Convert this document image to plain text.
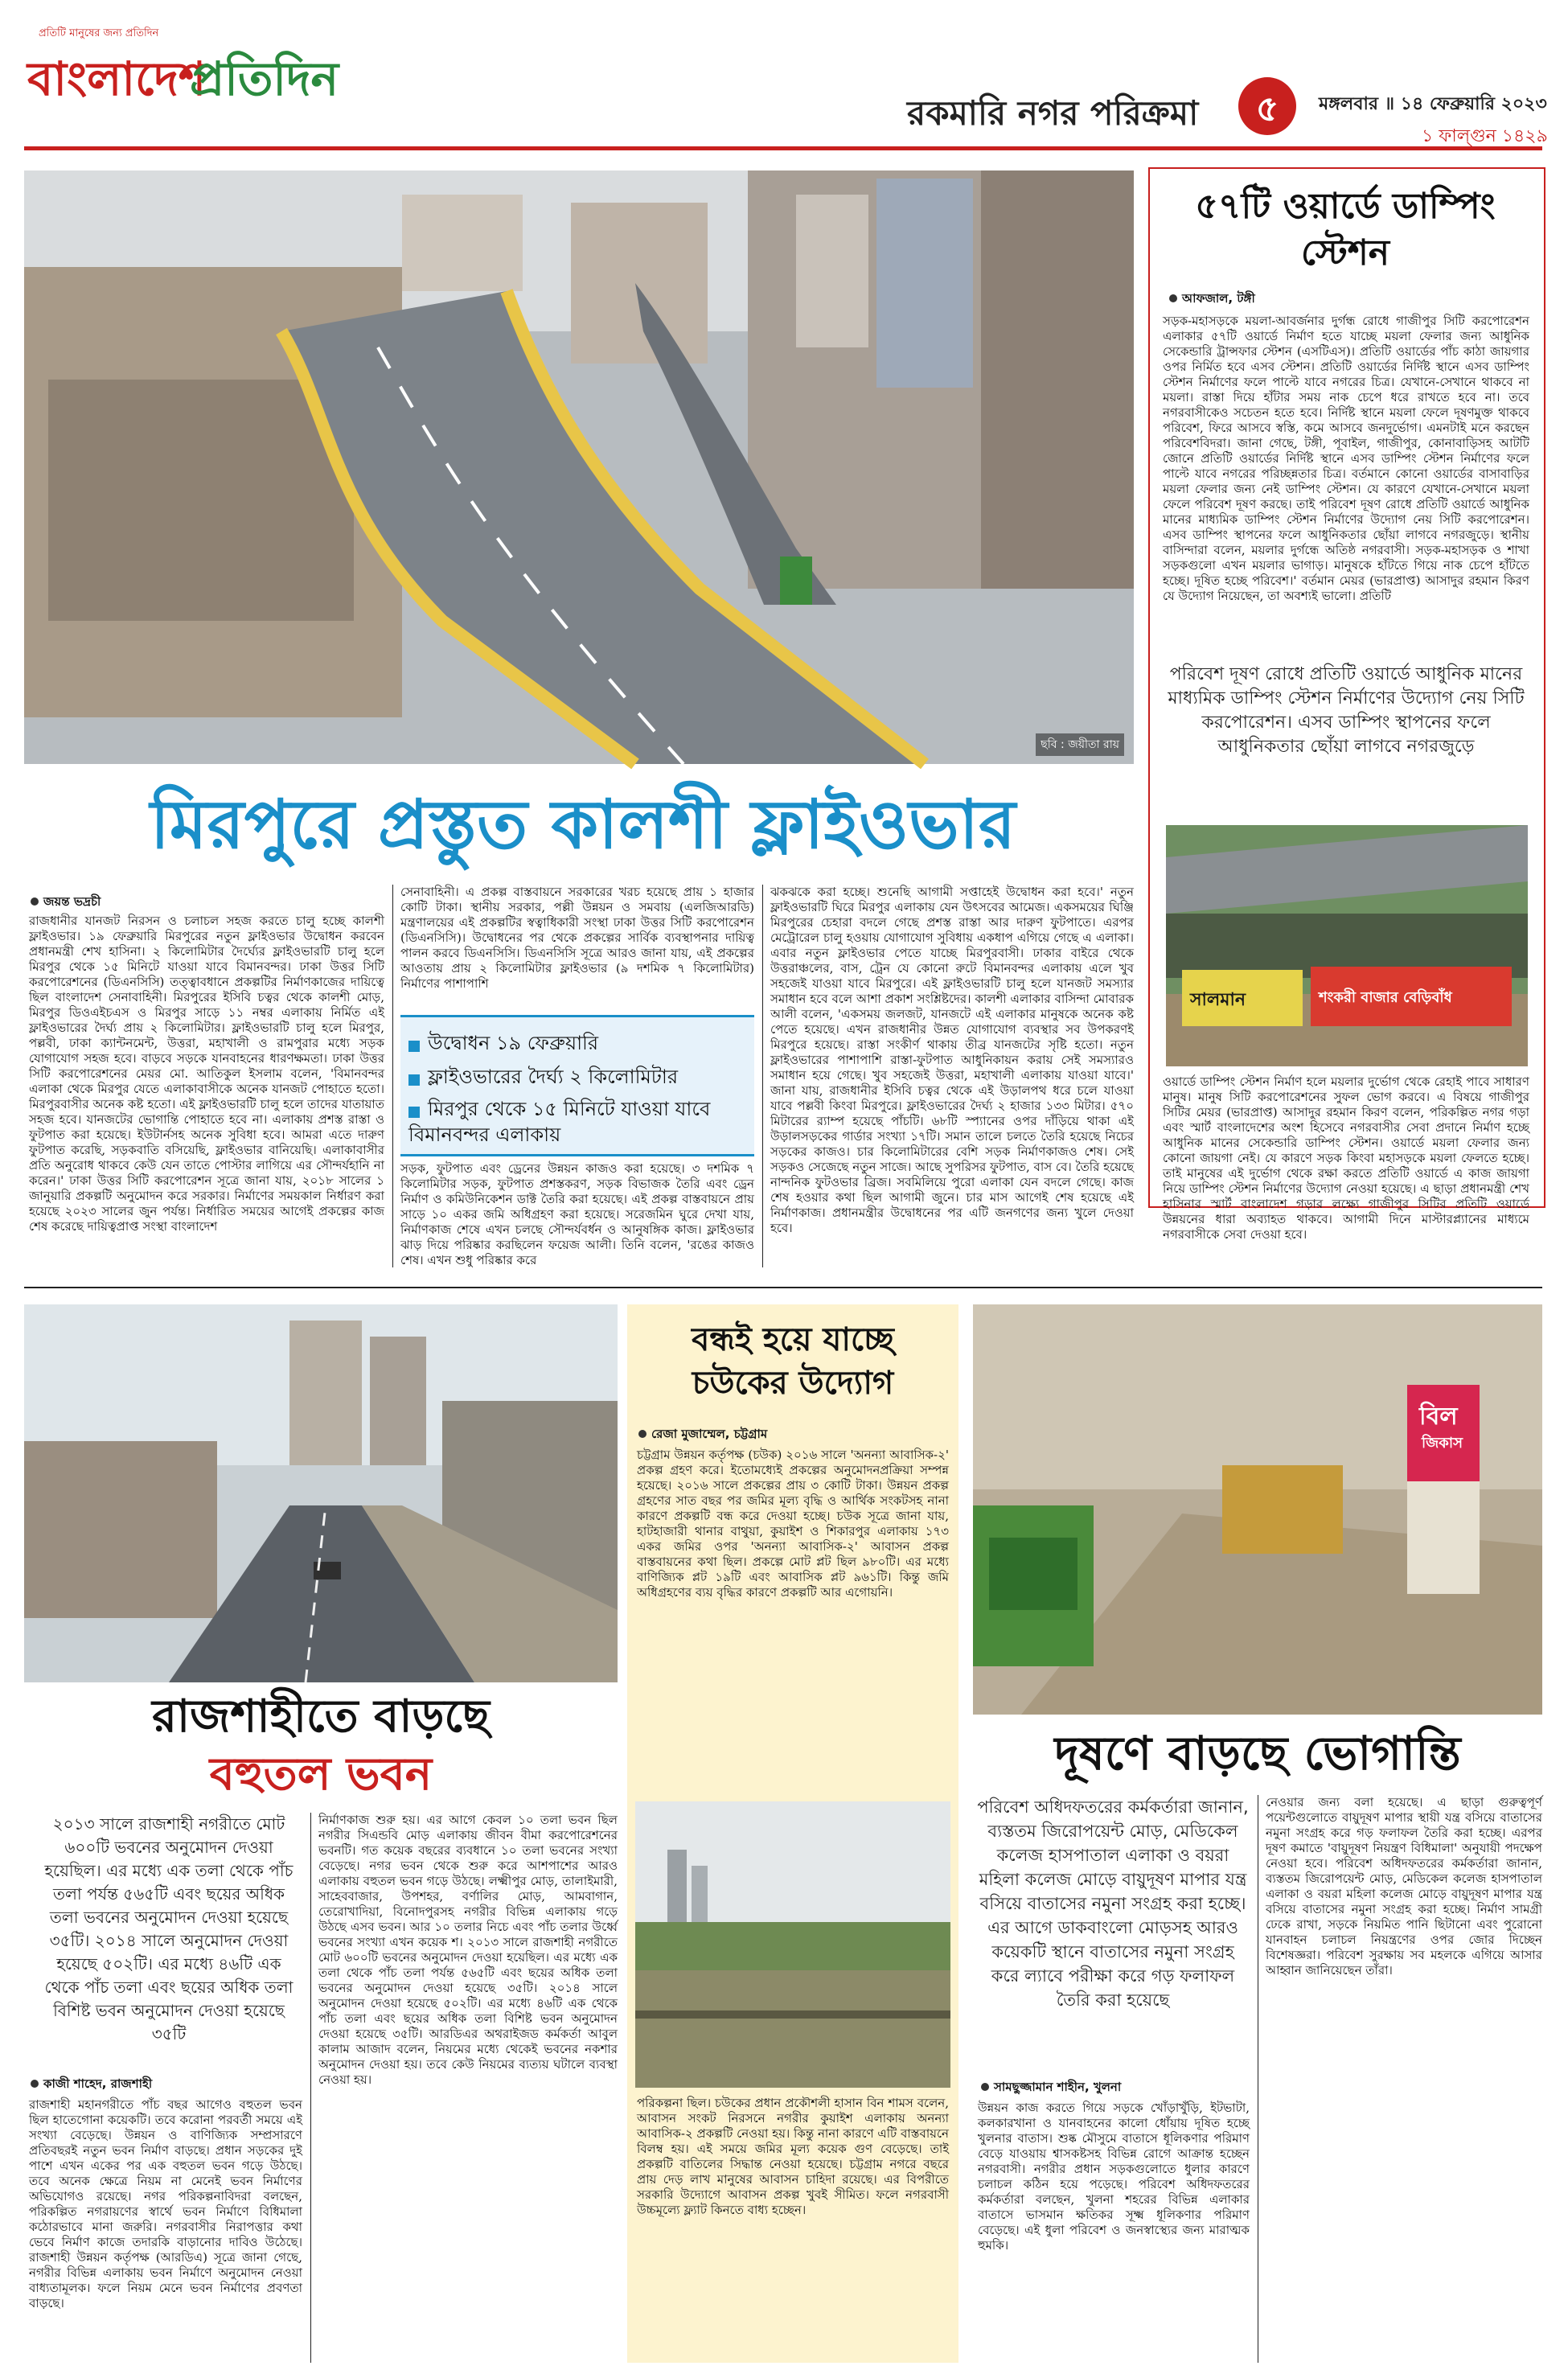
প্রতিটি মানুষের জন্য প্রতিদিন
বাংলাদেশ
প্রতিদিন
রকমারি নগর পরিক্রমা	৫	মঙ্গলবার ॥ ১৪ ফেব্রুয়ারি ২০২৩
১ ফাল্গুন ১৪২৯
ছবি : জয়ীতা রায়
৫৭টি ওয়ার্ডে ডাম্পিং স্টেশন
আফজাল, টঙ্গী
সড়ক-মহাসড়কে ময়লা-আবর্জনার দুর্গন্ধ রোধে গাজীপুর সিটি করপোরেশন এলাকার ৫৭টি ওয়ার্ডে নির্মাণ হতে যাচ্ছে ময়লা ফেলার জন্য আধুনিক সেকেন্ডারি ট্রান্সফার স্টেশন (এসটিএস)। প্রতিটি ওয়ার্ডের পাঁচ কাঠা জায়গার ওপর নির্মিত হবে এসব স্টেশন। প্রতিটি ওয়ার্ডের নির্দিষ্ট স্থানে এসব ডাম্পিং স্টেশন নির্মাণের ফলে পাল্টে যাবে নগরের চিত্র। যেখানে-সেখানে থাকবে না ময়লা। রাস্তা দিয়ে হাঁটার সময় নাক চেপে ধরে রাখতে হবে না। তবে নগরবাসীকেও সচেতন হতে হবে। নির্দিষ্ট স্থানে ময়লা ফেলে দূষণমুক্ত থাকবে পরিবেশ, ফিরে আসবে স্বস্তি, কমে আসবে জনদুর্ভোগ। এমনটাই মনে করছেন পরিবেশবিদরা। জানা গেছে, টঙ্গী, পূবাইল, গাজীপুর, কোনাবাড়িসহ আটটি জোনে প্রতিটি ওয়ার্ডের নির্দিষ্ট স্থানে এসব ডাম্পিং স্টেশন নির্মাণের ফলে পাল্টে যাবে নগরের পরিচ্ছন্নতার চিত্র। বর্তমানে কোনো ওয়ার্ডের বাসাবাড়ির ময়লা ফেলার জন্য নেই ডাম্পিং স্টেশন। যে কারণে যেখানে-সেখানে ময়লা ফেলে পরিবেশ দূষণ করছে। তাই পরিবেশ দূষণ রোধে প্রতিটি ওয়ার্ডে আধুনিক মানের মাধ্যমিক ডাম্পিং স্টেশন নির্মাণের উদ্যোগ নেয় সিটি করপোরেশন। এসব ডাম্পিং স্থাপনের ফলে আধুনিকতার ছোঁয়া লাগবে নগরজুড়ে। স্থানীয় বাসিন্দারা বলেন, ময়লার দুর্গন্ধে অতিষ্ঠ নগরবাসী। সড়ক-মহাসড়ক ও শাখা সড়কগুলো এখন ময়লার ভাগাড়। মানুষকে হাঁটতে গিয়ে নাক চেপে হাঁটতে হচ্ছে। দূষিত হচ্ছে পরিবেশ।' বর্তমান মেয়র (ভারপ্রাপ্ত) আসাদুর রহমান কিরণ যে উদ্যোগ নিয়েছেন, তা অবশ্যই ভালো। প্রতিটি
পরিবেশ দূষণ রোধে প্রতিটি ওয়ার্ডে আধুনিক মানের মাধ্যমিক ডাম্পিং স্টেশন নির্মাণের উদ্যোগ নেয় সিটি করপোরেশন। এসব ডাম্পিং স্থাপনের ফলে আধুনিকতার ছোঁয়া লাগবে নগরজুড়ে
সালমান	শংকরী বাজার বেড়িবাঁধ
ওয়ার্ডে ডাম্পিং স্টেশন নির্মাণ হলে ময়লার দুর্ভোগ থেকে রেহাই পাবে সাধারণ মানুষ। মানুষ সিটি করপোরেশনের সুফল ভোগ করবে। এ বিষয়ে গাজীপুর সিটির মেয়র (ভারপ্রাপ্ত) আসাদুর রহমান কিরণ বলেন, পরিকল্পিত নগর গড়া এবং স্মার্ট বাংলাদেশের অংশ হিসেবে নগরবাসীর সেবা প্রদানে নির্মাণ হচ্ছে আধুনিক মানের সেকেন্ডারি ডাম্পিং স্টেশন। ওয়ার্ডে ময়লা ফেলার জন্য কোনো জায়গা নেই। যে কারণে সড়ক কিংবা মহাসড়কে ময়লা ফেলতে হচ্ছে। তাই মানুষের এই দুর্ভোগ থেকে রক্ষা করতে প্রতিটি ওয়ার্ডে এ কাজ জায়গা নিয়ে ডাম্পিং স্টেশন নির্মাণের উদ্যোগ নেওয়া হয়েছে। এ ছাড়া প্রধানমন্ত্রী শেখ হাসিনার স্মার্ট বাংলাদেশ গড়ার লক্ষ্যে গাজীপুর সিটির প্রতিটি ওয়ার্ডে উন্নয়নের ধারা অব্যাহত থাকবে। আগামী দিনে মাস্টারপ্ল্যানের মাধ্যমে নগরবাসীকে সেবা দেওয়া হবে।
মিরপুরে প্রস্তুত কালশী ফ্লাইওভার
জয়ন্ত ভদ্রচী
রাজধানীর যানজট নিরসন ও চলাচল সহজ করতে চালু হচ্ছে কালশী ফ্লাইওভার। ১৯ ফেব্রুয়ারি মিরপুরের নতুন ফ্লাইওভার উদ্বোধন করবেন প্রধানমন্ত্রী শেখ হাসিনা। ২ কিলোমিটার দৈর্ঘ্যের ফ্লাইওভারটি চালু হলে মিরপুর থেকে ১৫ মিনিটে যাওয়া যাবে বিমানবন্দর। ঢাকা উত্তর সিটি করপোরেশনের (ডিএনসিসি) তত্ত্বাবধানে প্রকল্পটির নির্মাণকাজের দায়িত্বে ছিল বাংলাদেশ সেনাবাহিনী। মিরপুরের ইসিবি চত্বর থেকে কালশী মোড়, মিরপুর ডিওএইচএস ও মিরপুর সাড়ে ১১ নম্বর এলাকায় নির্মিত এই ফ্লাইওভারের দৈর্ঘ্য প্রায় ২ কিলোমিটার। ফ্লাইওভারটি চালু হলে মিরপুর, পল্লবী, ঢাকা ক্যান্টনমেন্ট, উত্তরা, মহাখালী ও রামপুরার মধ্যে সড়ক যোগাযোগ সহজ হবে। বাড়বে সড়কে যানবাহনের ধারণক্ষমতা। ঢাকা উত্তর সিটি করপোরেশনের মেয়র মো. আতিকুল ইসলাম বলেন, 'বিমানবন্দর এলাকা থেকে মিরপুর যেতে এলাকাবাসীকে অনেক যানজট পোহাতে হতো। মিরপুরবাসীর অনেক কষ্ট হতো। এই ফ্লাইওভারটি চালু হলে তাদের যাতায়াত সহজ হবে। যানজটের ভোগান্তি পোহাতে হবে না। এলাকায় প্রশস্ত রাস্তা ও ফুটপাত করা হয়েছে। ইউটার্নসহ অনেক সুবিধা হবে। আমরা এতে দারুণ ফুটপাত করেছি, সড়কবাতি বসিয়েছি, ফ্লাইওভার বানিয়েছি। এলাকাবাসীর প্রতি অনুরোধ থাকবে কেউ যেন তাতে পোস্টার লাগিয়ে এর সৌন্দর্যহানি না করেন।' ঢাকা উত্তর সিটি করপোরেশন সূত্রে জানা যায়, ২০১৮ সালের ১ জানুয়ারি প্রকল্পটি অনুমোদন করে সরকার। নির্মাণের সময়কাল নির্ধারণ করা হয়েছে ২০২৩ সালের জুন পর্যন্ত। নির্ধারিত সময়ের আগেই প্রকল্পের কাজ শেষ করেছে দায়িত্বপ্রাপ্ত সংস্থা বাংলাদেশ
সেনাবাহিনী। এ প্রকল্প বাস্তবায়নে সরকারের খরচ হয়েছে প্রায় ১ হাজার কোটি টাকা। স্থানীয় সরকার, পল্লী উন্নয়ন ও সমবায় (এলজিআরডি) মন্ত্রণালয়ের এই প্রকল্পটির স্বত্বাধিকারী সংস্থা ঢাকা উত্তর সিটি করপোরেশন (ডিএনসিসি)। উদ্বোধনের পর থেকে প্রকল্পের সার্বিক ব্যবস্থাপনার দায়িত্ব পালন করবে ডিএনসিসি। ডিএনসিসি সূত্রে আরও জানা যায়, এই প্রকল্পের আওতায় প্রায় ২ কিলোমিটার ফ্লাইওভার (৯ দশমিক ৭ কিলোমিটার) নির্মাণের পাশাপাশি
উদ্বোধন ১৯ ফেব্রুয়ারি
ফ্লাইওভারের দৈর্ঘ্য ২ কিলোমিটার
মিরপুর থেকে ১৫ মিনিটে যাওয়া যাবে বিমানবন্দর এলাকায়
সড়ক, ফুটপাত এবং ড্রেনের উন্নয়ন কাজও করা হয়েছে। ৩ দশমিক ৭ কিলোমিটার সড়ক, ফুটপাত প্রশস্তকরণ, সড়ক বিভাজক তৈরি এবং ড্রেন নির্মাণ ও কমিউনিকেশন ডাক্ট তৈরি করা হয়েছে। এই প্রকল্প বাস্তবায়নে প্রায় সাড়ে ১০ একর জমি অধিগ্রহণ করা হয়েছে। সরেজমিন ঘুরে দেখা যায়, নির্মাণকাজ শেষে এখন চলছে সৌন্দর্যবর্ধন ও আনুষঙ্গিক কাজ। ফ্লাইওভার ঝাড় দিয়ে পরিষ্কার করছিলেন ফয়েজ আলী। তিনি বলেন, 'রঙের কাজও শেষ। এখন শুধু পরিষ্কার করে
ঝকঝকে করা হচ্ছে। শুনেছি আগামী সপ্তাহেই উদ্বোধন করা হবে।' নতুন ফ্লাইওভারটি ঘিরে মিরপুর এলাকায় যেন উৎসবের আমেজ। একসময়ের ঘিঞ্জি মিরপুরের চেহারা বদলে গেছে প্রশস্ত রাস্তা আর দারুণ ফুটপাতে। এরপর মেট্রোরেল চালু হওয়ায় যোগাযোগ সুবিধায় একধাপ এগিয়ে গেছে এ এলাকা। এবার নতুন ফ্লাইওভার পেতে যাচ্ছে মিরপুরবাসী। ঢাকার বাইরে থেকে উত্তরাঞ্চলের, বাস, ট্রেন যে কোনো রুটে বিমানবন্দর এলাকায় এলে খুব সহজেই যাওয়া যাবে মিরপুরে। এই ফ্লাইওভারটি চালু হলে যানজট সমস্যার সমাধান হবে বলে আশা প্রকাশ সংশ্লিষ্টদের। কালশী এলাকার বাসিন্দা মোবারক আলী বলেন, 'একসময় জলজট, যানজটে এই এলাকার মানুষকে অনেক কষ্ট পেতে হয়েছে। এখন রাজধানীর উন্নত যোগাযোগ ব্যবস্থার সব উপকরণই মিরপুরে হয়েছে। রাস্তা সংকীর্ণ থাকায় তীব্র যানজটের সৃষ্টি হতো। নতুন ফ্লাইওভারের পাশাপাশি রাস্তা-ফুটপাত আধুনিকায়ন করায় সেই সমস্যারও সমাধান হয়ে গেছে। খুব সহজেই উত্তরা, মহাখালী এলাকায় যাওয়া যাবে।' জানা যায়, রাজধানীর ইসিবি চত্বর থেকে এই উড়ালপথ ধরে চলে যাওয়া যাবে পল্লবী কিংবা মিরপুরে। ফ্লাইওভারের দৈর্ঘ্য ২ হাজার ১৩৩ মিটার। ৫৭০ মিটারের র‌্যাম্প হয়েছে পাঁচটি। ৬৮টি স্প্যানের ওপর দাঁড়িয়ে থাকা এই উড়ালসড়কের গার্ডার সংখ্যা ১৭টি। সমান তালে চলতে তৈরি হয়েছে নিচের সড়কের কাজও। চার কিলোমিটারের বেশি সড়ক নির্মাণকাজও শেষ। সেই সড়কও সেজেছে নতুন সাজে। আছে সুপরিসর ফুটপাত, বাস বে। তৈরি হয়েছে নান্দনিক ফুটওভার ব্রিজ। সবমিলিয়ে পুরো এলাকা যেন বদলে গেছে। কাজ শেষ হওয়ার কথা ছিল আগামী জুনে। চার মাস আগেই শেষ হয়েছে এই নির্মাণকাজ। প্রধানমন্ত্রীর উদ্বোধনের পর এটি জনগণের জন্য খুলে দেওয়া হবে।
রাজশাহীতে বাড়ছে
বহুতল ভবন
২০১৩ সালে রাজশাহী নগরীতে মোট ৬০০টি ভবনের অনুমোদন দেওয়া হয়েছিল। এর মধ্যে এক তলা থেকে পাঁচ তলা পর্যন্ত ৫৬৫টি এবং ছয়ের অধিক তলা ভবনের অনুমোদন দেওয়া হয়েছে ৩৫টি। ২০১৪ সালে অনুমোদন দেওয়া হয়েছে ৫০২টি। এর মধ্যে ৪৬টি এক থেকে পাঁচ তলা এবং ছয়ের অধিক তলা বিশিষ্ট ভবন অনুমোদন দেওয়া হয়েছে ৩৫টি
কাজী শাহেদ, রাজশাহী
রাজশাহী মহানগরীতে পাঁচ বছর আগেও বহুতল ভবন ছিল হাতেগোনা কয়েকটি। তবে করোনা পরবর্তী সময়ে এই সংখ্যা বেড়েছে। উন্নয়ন ও বাণিজ্যিক সম্প্রসারণে প্রতিবছরই নতুন ভবন নির্মাণ বাড়ছে। প্রধান সড়কের দুই পাশে এখন একের পর এক বহুতল ভবন গড়ে উঠছে। তবে অনেক ক্ষেত্রে নিয়ম না মেনেই ভবন নির্মাণের অভিযোগও রয়েছে। নগর পরিকল্পনাবিদরা বলছেন, পরিকল্পিত নগরায়ণের স্বার্থে ভবন নির্মাণে বিধিমালা কঠোরভাবে মানা জরুরি। নগরবাসীর নিরাপত্তার কথা ভেবে নির্মাণ কাজে তদারকি বাড়ানোর দাবিও উঠেছে। রাজশাহী উন্নয়ন কর্তৃপক্ষ (আরডিএ) সূত্রে জানা গেছে, নগরীর বিভিন্ন এলাকায় ভবন নির্মাণে অনুমোদন নেওয়া বাধ্যতামূলক। ফলে নিয়ম মেনে ভবন নির্মাণের প্রবণতা বাড়ছে।
নির্মাণকাজ শুরু হয়। এর আগে কেবল ১০ তলা ভবন ছিল নগরীর সিএন্ডবি মোড় এলাকায় জীবন বীমা করপোরেশনের ভবনটি। গত কয়েক বছরের ব্যবধানে ১০ তলা ভবনের সংখ্যা বেড়েছে। নগর ভবন থেকে শুরু করে আশপাশের আরও এলাকায় বহুতল ভবন গড়ে উঠছে। লক্ষ্মীপুর মোড়, তালাইমারী, সাহেববাজার, উপশহর, বর্ণালির মোড়, আমবাগান, তেরোখাদিয়া, বিনোদপুরসহ নগরীর বিভিন্ন এলাকায় গড়ে উঠছে এসব ভবন। আর ১০ তলার নিচে এবং পাঁচ তলার উর্ধ্বে ভবনের সংখ্যা এখন কয়েক শ। ২০১৩ সালে রাজশাহী নগরীতে মোট ৬০০টি ভবনের অনুমোদন দেওয়া হয়েছিল। এর মধ্যে এক তলা থেকে পাঁচ তলা পর্যন্ত ৫৬৫টি এবং ছয়ের অধিক তলা ভবনের অনুমোদন দেওয়া হয়েছে ৩৫টি। ২০১৪ সালে অনুমোদন দেওয়া হয়েছে ৫০২টি। এর মধ্যে ৪৬টি এক থেকে পাঁচ তলা এবং ছয়ের অধিক তলা বিশিষ্ট ভবন অনুমোদন দেওয়া হয়েছে ৩৫টি। আরডিএর অথরাইজড কর্মকর্তা আবুল কালাম আজাদ বলেন, নিয়মের মধ্যে থেকেই ভবনের নকশার অনুমোদন দেওয়া হয়। তবে কেউ নিয়মের ব্যত্যয় ঘটালে ব্যবস্থা নেওয়া হয়।
বন্ধই হয়ে যাচ্ছে
চউকের উদ্যোগ
রেজা মুজাম্মেল, চট্টগ্রাম
চট্টগ্রাম উন্নয়ন কর্তৃপক্ষ (চউক) ২০১৬ সালে 'অনন্যা আবাসিক-২' প্রকল্প গ্রহণ করে। ইতোমধ্যেই প্রকল্পের অনুমোদনপ্রক্রিয়া সম্পন্ন হয়েছে। ২০১৬ সালে প্রকল্পের প্রায় ৩ কোটি টাকা। উন্নয়ন প্রকল্প গ্রহণের সাত বছর পর জমির মূল্য বৃদ্ধি ও আর্থিক সংকটসহ নানা কারণে প্রকল্পটি বন্ধ করে দেওয়া হচ্ছে। চউক সূত্রে জানা যায়, হাটহাজারী থানার বাথুয়া, কুয়াইশ ও শিকারপুর এলাকায় ১৭৩ একর জমির ওপর 'অনন্যা আবাসিক-২' আবাসন প্রকল্প বাস্তবায়নের কথা ছিল। প্রকল্পে মোট প্লট ছিল ৯৮০টি। এর মধ্যে বাণিজ্যিক প্লট ১৯টি এবং আবাসিক প্লট ৯৬১টি। কিন্তু জমি অধিগ্রহণের ব্যয় বৃদ্ধির কারণে প্রকল্পটি আর এগোয়নি।
পরিকল্পনা ছিল। চউকের প্রধান প্রকৌশলী হাসান বিন শামস বলেন, আবাসন সংকট নিরসনে নগরীর কুয়াইশ এলাকায় অনন্যা আবাসিক-২ প্রকল্পটি নেওয়া হয়। কিন্তু নানা কারণে এটি বাস্তবায়নে বিলম্ব হয়। এই সময়ে জমির মূল্য কয়েক গুণ বেড়েছে। তাই প্রকল্পটি বাতিলের সিদ্ধান্ত নেওয়া হয়েছে। চট্টগ্রাম নগরে বছরে প্রায় দেড় লাখ মানুষের আবাসন চাহিদা রয়েছে। এর বিপরীতে সরকারি উদ্যোগে আবাসন প্রকল্প খুবই সীমিত। ফলে নগরবাসী উচ্চমূল্যে ফ্ল্যাট কিনতে বাধ্য হচ্ছেন।
বিল
জিকাস
দূষণে বাড়ছে ভোগান্তি
পরিবেশ অধিদফতরের কর্মকর্তারা জানান, ব্যস্ততম জিরোপয়েন্ট মোড়, মেডিকেল কলেজ হাসপাতাল এলাকা ও বয়রা মহিলা কলেজ মোড়ে বায়ুদূষণ মাপার যন্ত্র বসিয়ে বাতাসের নমুনা সংগ্রহ করা হচ্ছে। এর আগে ডাকবাংলো মোড়সহ আরও কয়েকটি স্থানে বাতাসের নমুনা সংগ্রহ করে ল্যাবে পরীক্ষা করে গড় ফলাফল তৈরি করা হয়েছে
সামছুজ্জামান শাহীন, খুলনা
উন্নয়ন কাজ করতে গিয়ে সড়কে খোঁড়াখুঁড়ি, ইটভাটা, কলকারখানা ও যানবাহনের কালো ধোঁয়ায় দূষিত হচ্ছে খুলনার বাতাস। শুষ্ক মৌসুমে বাতাসে ধূলিকণার পরিমাণ বেড়ে যাওয়ায় শ্বাসকষ্টসহ বিভিন্ন রোগে আক্রান্ত হচ্ছেন নগরবাসী। নগরীর প্রধান সড়কগুলোতে ধুলার কারণে চলাচল কঠিন হয়ে পড়েছে। পরিবেশ অধিদফতরের কর্মকর্তারা বলছেন, খুলনা শহরের বিভিন্ন এলাকার বাতাসে ভাসমান ক্ষতিকর সূক্ষ্ম ধূলিকণার পরিমাণ বেড়েছে। এই ধুলা পরিবেশ ও জনস্বাস্থ্যের জন্য মারাত্মক হুমকি।
নেওয়ার জন্য বলা হয়েছে। এ ছাড়া গুরুত্বপূর্ণ পয়েন্টগুলোতে বায়ুদূষণ মাপার স্থায়ী যন্ত্র বসিয়ে বাতাসের নমুনা সংগ্রহ করে গড় ফলাফল তৈরি করা হচ্ছে। এরপর দূষণ কমাতে 'বায়ুদূষণ নিয়ন্ত্রণ বিধিমালা' অনুযায়ী পদক্ষেপ নেওয়া হবে। পরিবেশ অধিদফতরের কর্মকর্তারা জানান, ব্যস্ততম জিরোপয়েন্ট মোড়, মেডিকেল কলেজ হাসপাতাল এলাকা ও বয়রা মহিলা কলেজ মোড়ে বায়ুদূষণ মাপার যন্ত্র বসিয়ে বাতাসের নমুনা সংগ্রহ করা হচ্ছে। নির্মাণ সামগ্রী ঢেকে রাখা, সড়কে নিয়মিত পানি ছিটানো এবং পুরোনো যানবাহন চলাচল নিয়ন্ত্রণের ওপর জোর দিচ্ছেন বিশেষজ্ঞরা। পরিবেশ সুরক্ষায় সব মহলকে এগিয়ে আসার আহ্বান জানিয়েছেন তাঁরা।
